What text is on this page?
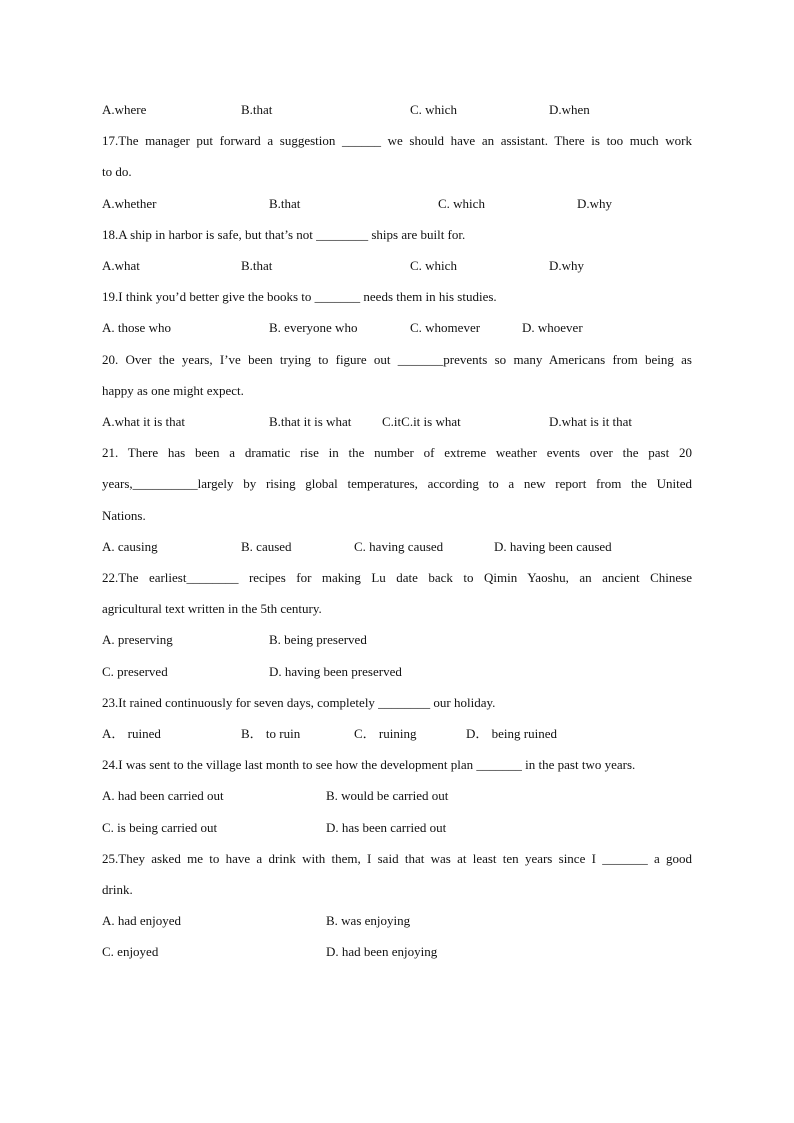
A.where	B.that	C. which	D.when
17.The manager put forward a suggestion ______ we should have an assistant. There is too much work
to do.
A.whether	B.that	C. which	D.why
18.A ship in harbor is safe, but that’s not ________ ships are built for.
A.what	B.that	C. which	D.why
19.I think you’d better give the books to _______ needs them in his studies.
A. those who	B. everyone who	C. whomever	D. whoever
20. Over the years, I’ve been trying to figure out _______prevents so many Americans from being as
happy as one might expect.
A.what it is that	B.that it is what C.itC.it is what	D.what is it that
21. There has been a dramatic rise in the number of extreme weather events over the past 20
years,__________largely by rising global temperatures, according to a new report from the United
Nations.
A. causing	B. caused	C. having caused	D. having been caused
22.The earliest________ recipes for making Lu date back to Qimin Yaoshu, an ancient Chinese
agricultural text written in the 5th century.
A. preserving	B. being preserved
C. preserved	D. having been preserved
23.It rained continuously for seven days, completely ________ our holiday.
A． ruined	B． to ruin	C． ruining	D． being ruined
24.I was sent to the village last month to see how the development plan _______ in the past two years.
A. had been carried out	B. would be carried out
C. is being carried out	D. has been carried out
25.They asked me to have a drink with them, I said that was at least ten years since I _______ a good
drink.
A. had enjoyed	B. was enjoying
C. enjoyed	D. had been enjoying
